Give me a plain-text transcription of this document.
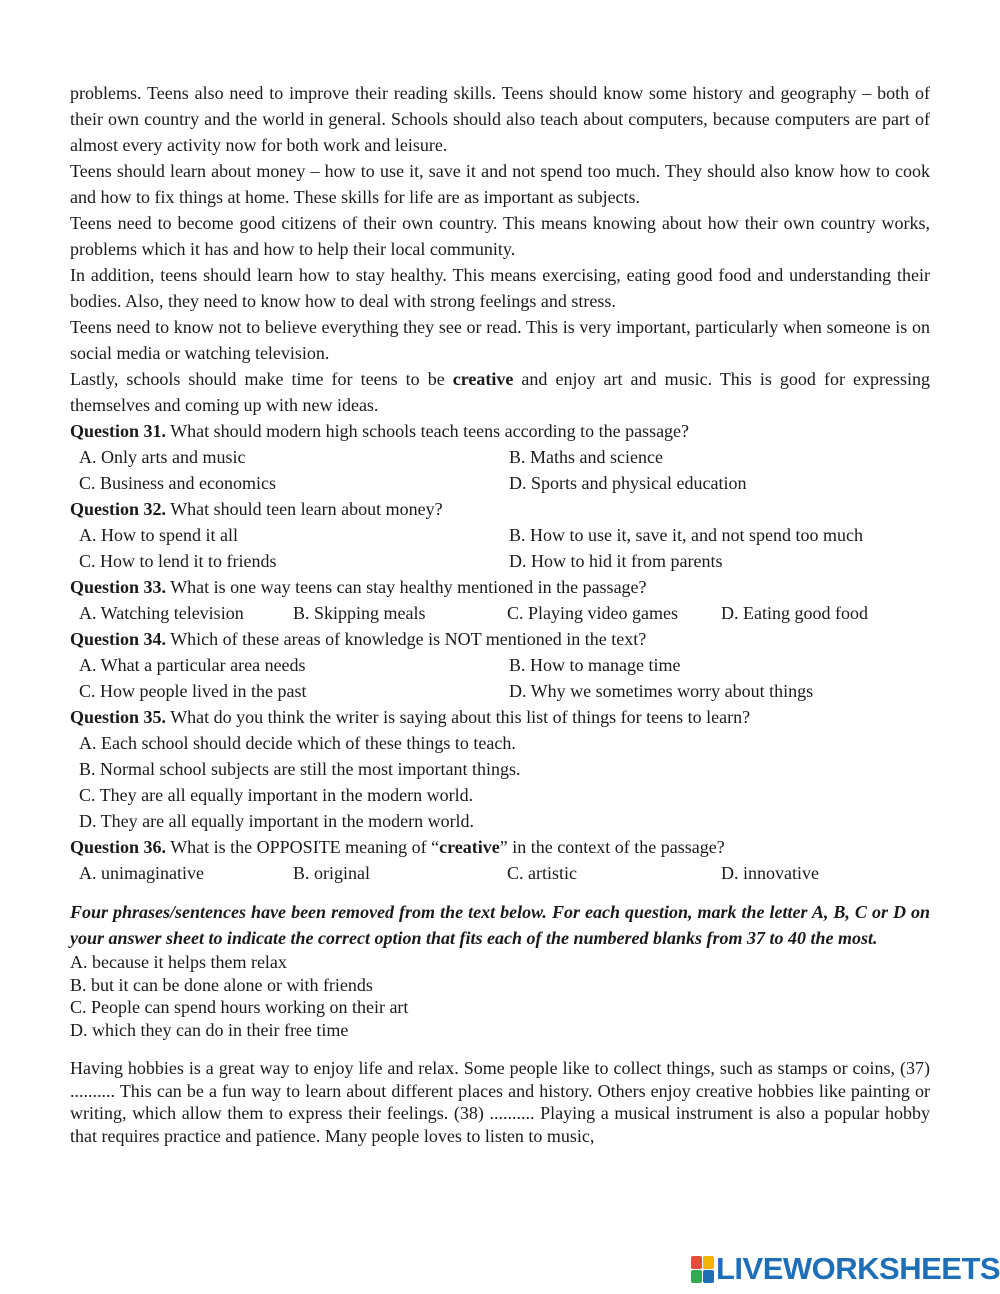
problems. Teens also need to improve their reading skills. Teens should know some history and geography – both of their own country and the world in general. Schools should also teach about computers, because computers are part of almost every activity now for both work and leisure.

Teens should learn about money – how to use it, save it and not spend too much. They should also know how to cook and how to fix things at home. These skills for life are as important as subjects.

Teens need to become good citizens of their own country. This means knowing about how their own country works, problems which it has and how to help their local community.

In addition, teens should learn how to stay healthy. This means exercising, eating good food and understanding their bodies. Also, they need to know how to deal with strong feelings and stress.

Teens need to know not to believe everything they see or read. This is very important, particularly when someone is on social media or watching television.

Lastly, schools should make time for teens to be creative and enjoy art and music. This is good for expressing themselves and coming up with new ideas.

Question 31. What should modern high schools teach teens according to the passage?

A. Only arts and music	B. Maths and science
C. Business and economics	D. Sports and physical education

Question 32. What should teen learn about money?

A. How to spend it all	B. How to use it, save it, and not spend too much
C. How to lend it to friends	D. How to hid it from parents

Question 33. What is one way teens can stay healthy mentioned in the passage?

A. Watching television	B. Skipping meals	C. Playing video games	D. Eating good food

Question 34. Which of these areas of knowledge is NOT mentioned in the text?

A. What a particular area needs	B. How to manage time
C. How people lived in the past	D. Why we sometimes worry about things

Question 35. What do you think the writer is saying about this list of things for teens to learn?

A. Each school should decide which of these things to teach.
B. Normal school subjects are still the most important things.
C. They are all equally important in the modern world.
D. They are all equally important in the modern world.

Question 36. What is the OPPOSITE meaning of “creative” in the context of the passage?

A. unimaginative	B. original	C. artistic	D. innovative

Four phrases/sentences have been removed from the text below. For each question, mark the letter A, B, C or D on your answer sheet to indicate the correct option that fits each of the numbered blanks from 37 to 40 the most.

A. because it helps them relax
B. but it can be done alone or with friends
C. People can spend hours working on their art
D. which they can do in their free time

Having hobbies is a great way to enjoy life and relax. Some people like to collect things, such as stamps or coins, (37) .......... This can be a fun way to learn about different places and history. Others enjoy creative hobbies like painting or writing, which allow them to express their feelings. (38) .......... Playing a musical instrument is also a popular hobby that requires practice and patience. Many people loves to listen to music,

LIVEWORKSHEETS
